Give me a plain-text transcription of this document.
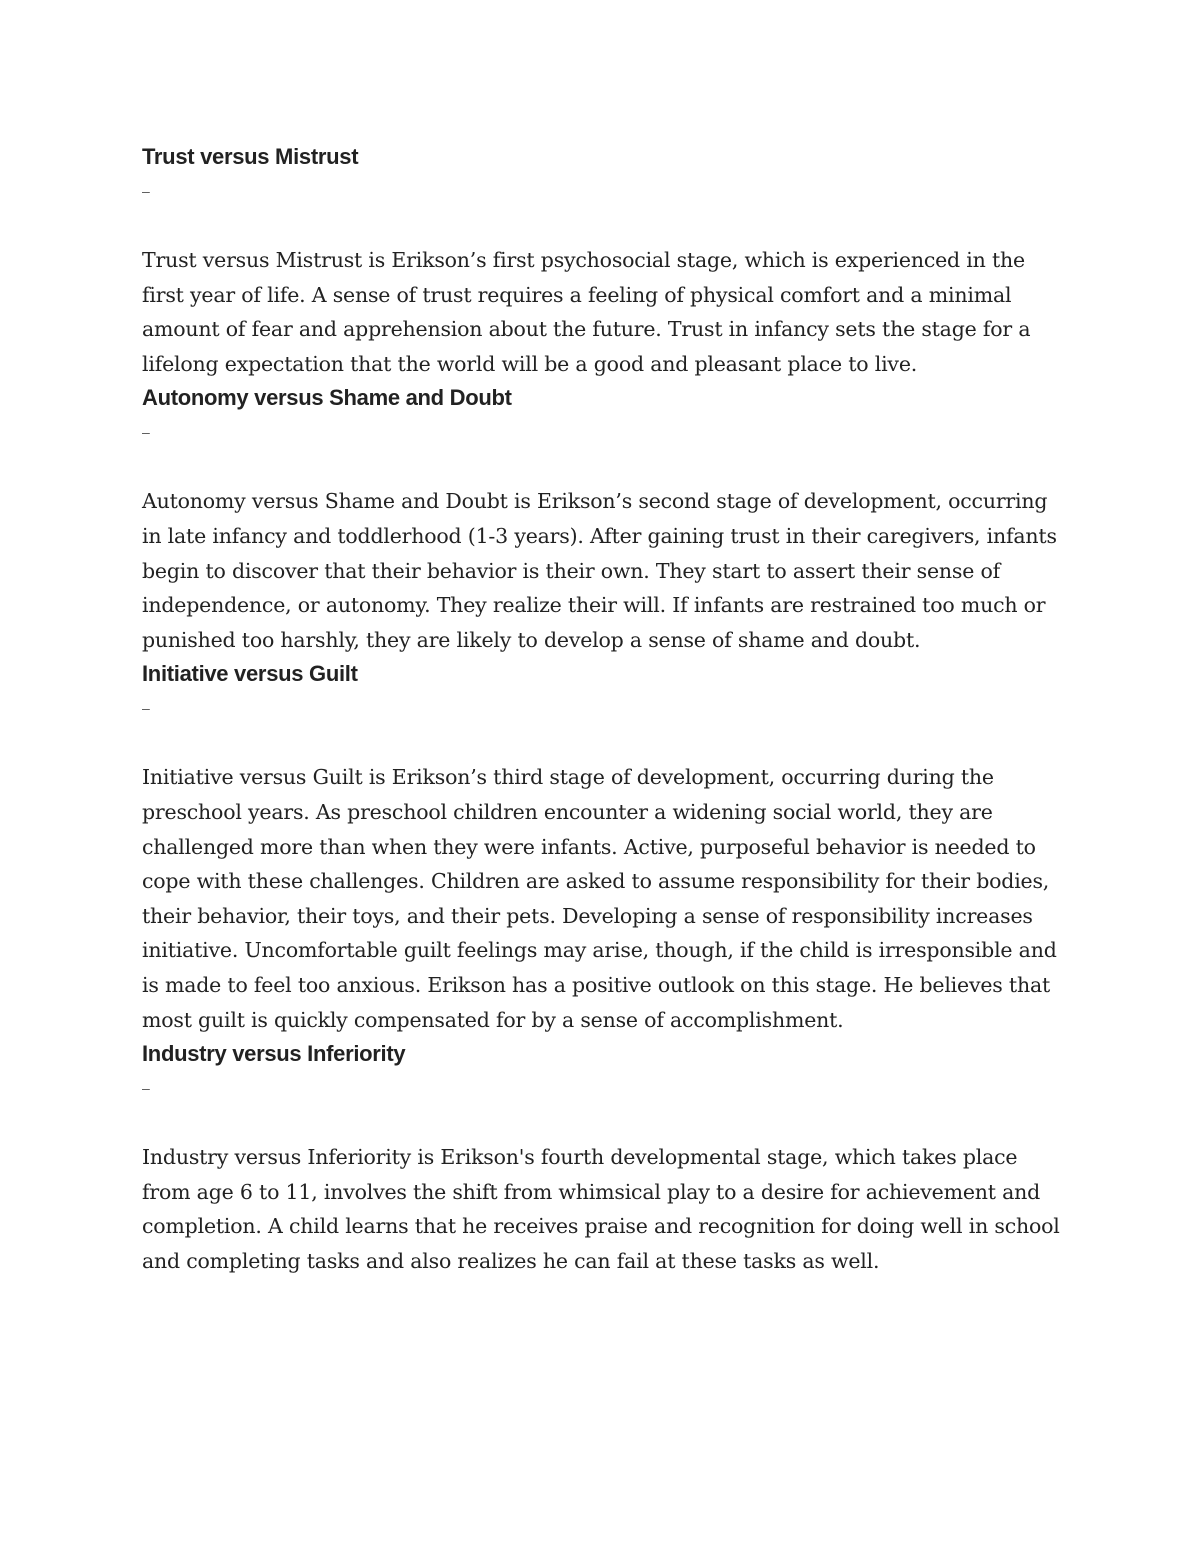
Trust versus Mistrust

–

Trust versus Mistrust is Erikson’s first psychosocial stage, which is experienced in the first year of life. A sense of trust requires a feeling of physical comfort and a minimal amount of fear and apprehension about the future. Trust in infancy sets the stage for a lifelong expectation that the world will be a good and pleasant place to live.

Autonomy versus Shame and Doubt

–

Autonomy versus Shame and Doubt is Erikson’s second stage of development, occurring in late infancy and toddlerhood (1-3 years). After gaining trust in their caregivers, infants begin to discover that their behavior is their own. They start to assert their sense of independence, or autonomy. They realize their will. If infants are restrained too much or punished too harshly, they are likely to develop a sense of shame and doubt.

Initiative versus Guilt

–

Initiative versus Guilt is Erikson’s third stage of development, occurring during the preschool years. As preschool children encounter a widening social world, they are challenged more than when they were infants. Active, purposeful behavior is needed to cope with these challenges. Children are asked to assume responsibility for their bodies, their behavior, their toys, and their pets. Developing a sense of responsibility increases initiative. Uncomfortable guilt feelings may arise, though, if the child is irresponsible and is made to feel too anxious. Erikson has a positive outlook on this stage. He believes that most guilt is quickly compensated for by a sense of accomplishment.

Industry versus Inferiority

–

Industry versus Inferiority is Erikson's fourth developmental stage, which takes place from age 6 to 11, involves the shift from whimsical play to a desire for achievement and completion. A child learns that he receives praise and recognition for doing well in school and completing tasks and also realizes he can fail at these tasks as well.
